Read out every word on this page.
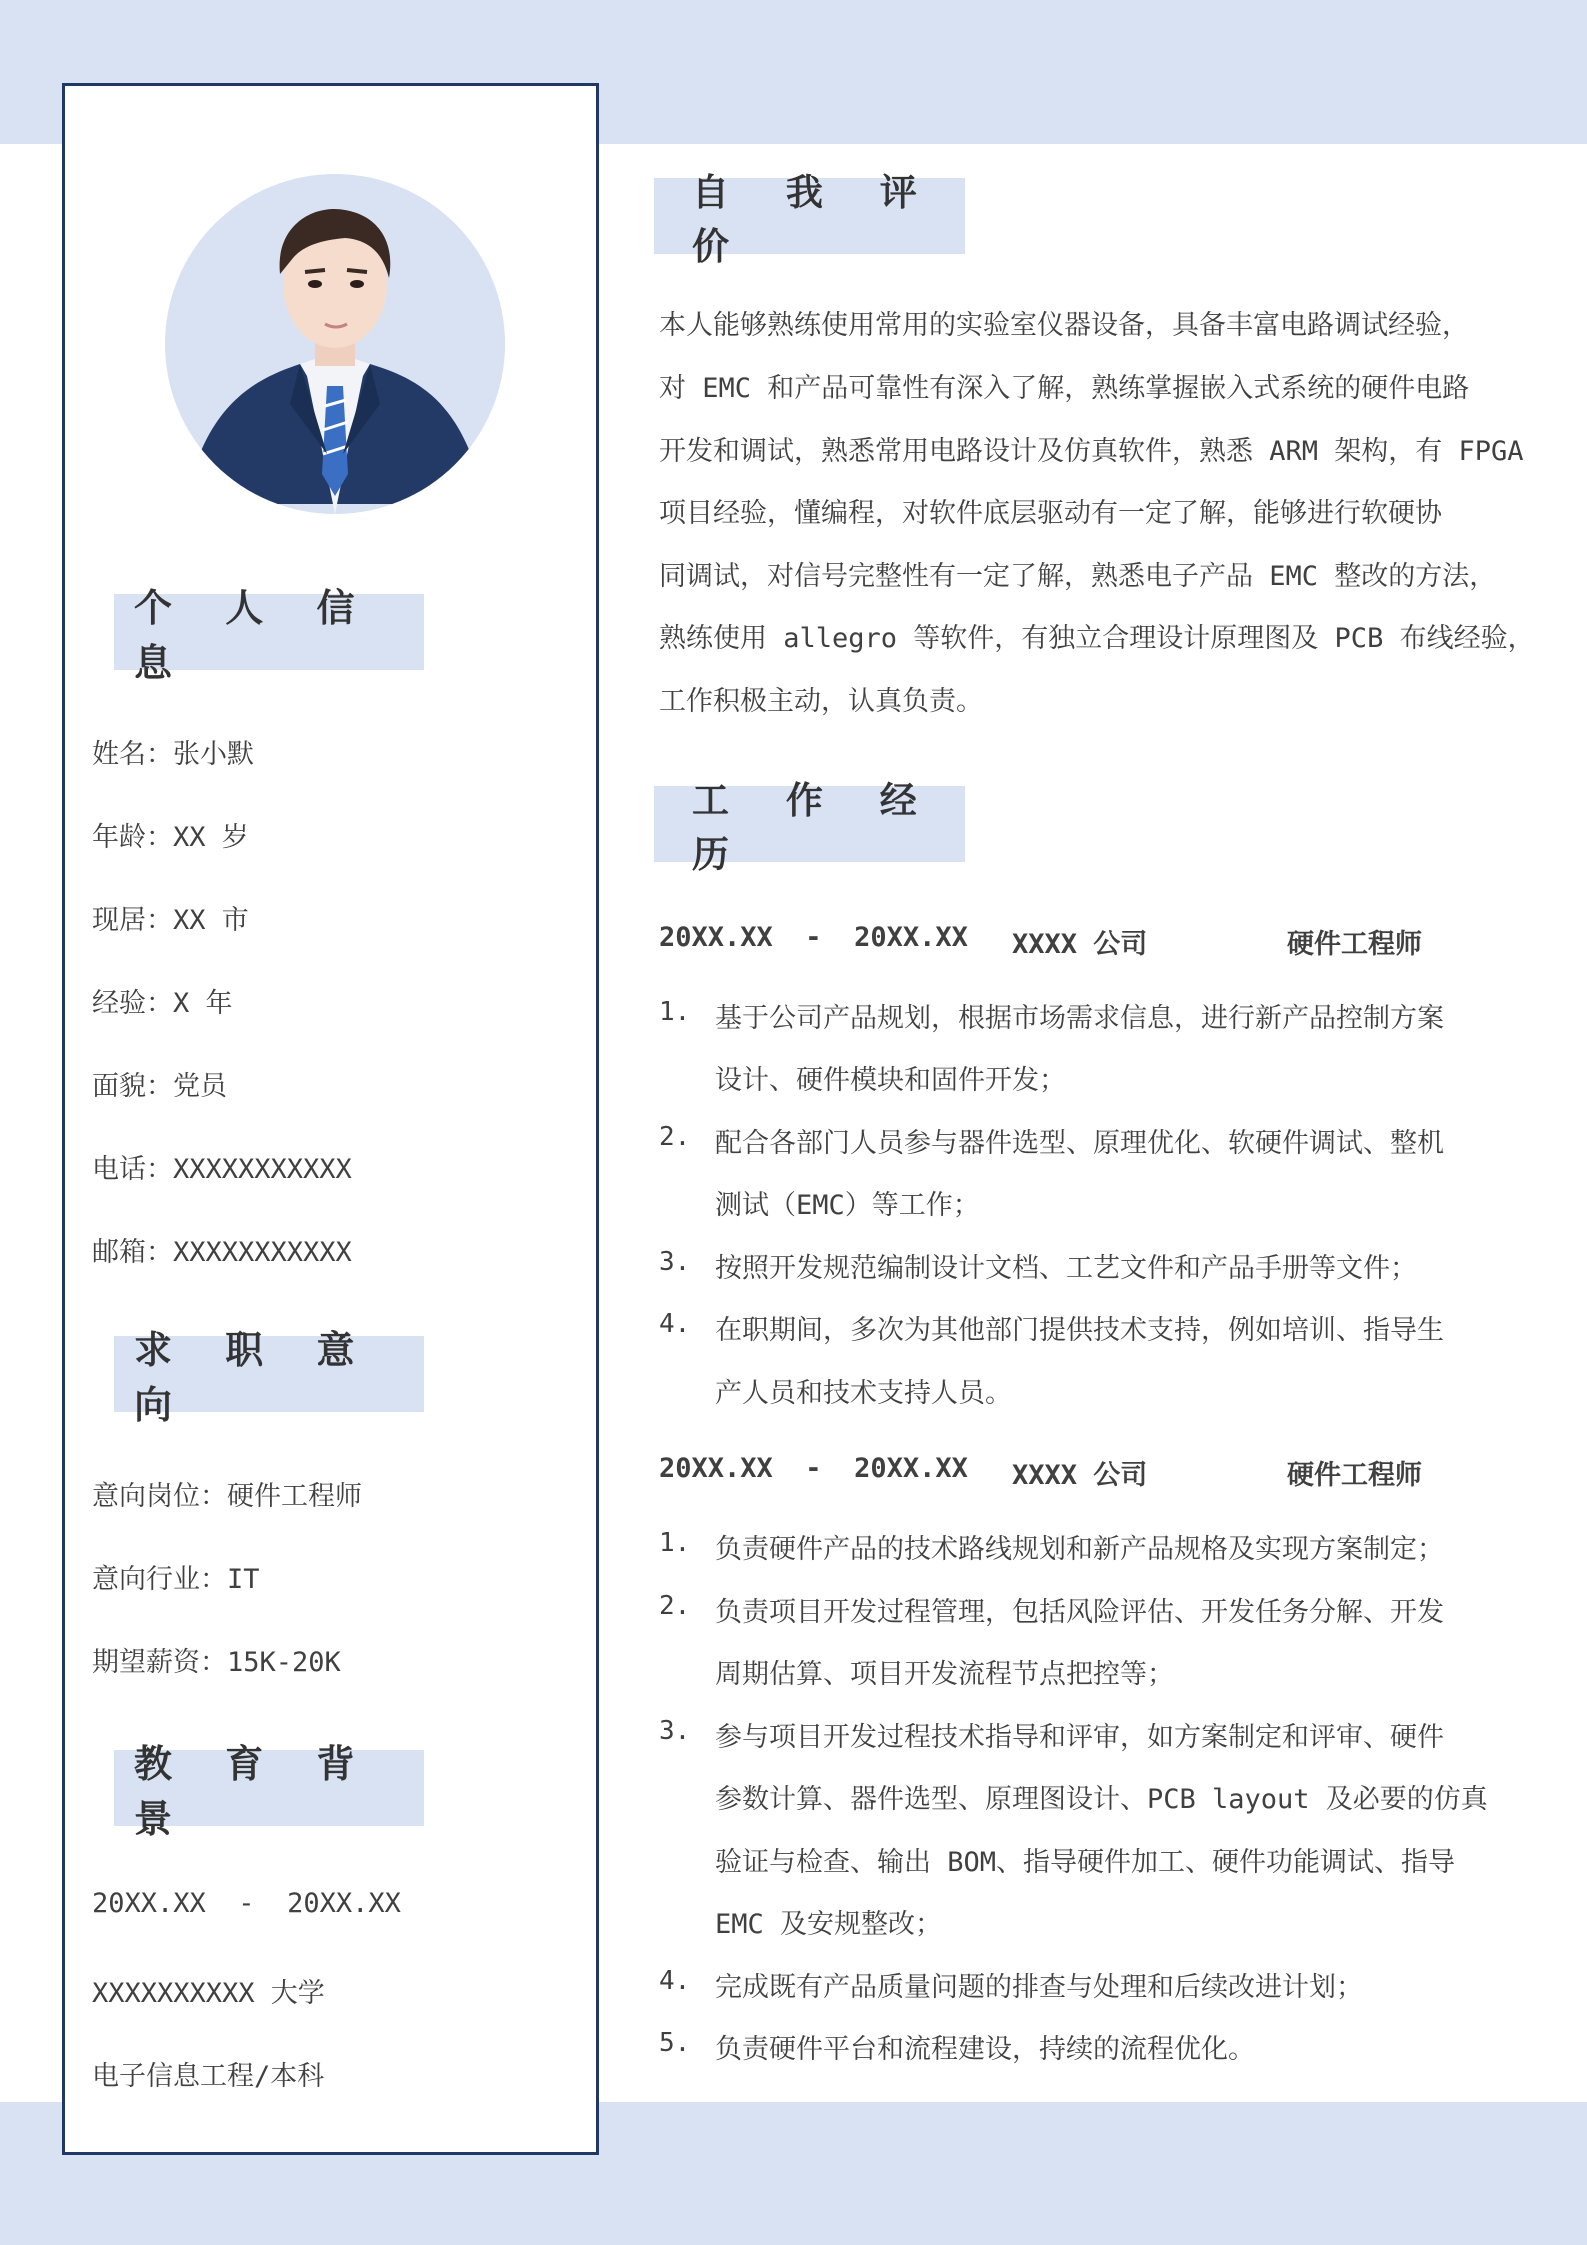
个 人 信 息
姓名：张小默
年龄：XX 岁
现居：XX 市
经验：X 年
面貌：党员
电话：XXXXXXXXXXX
邮箱：XXXXXXXXXXX
求 职 意 向
意向岗位：硬件工程师
意向行业：IT
期望薪资：15K-20K
教 育 背 景
20XX.XX  -  20XX.XX
XXXXXXXXXX 大学
电子信息工程/本科
自 我 评 价
本人能够熟练使用常用的实验室仪器设备，具备丰富电路调试经验，
对 EMC 和产品可靠性有深入了解，熟练掌握嵌入式系统的硬件电路
开发和调试，熟悉常用电路设计及仿真软件，熟悉 ARM 架构，有 FPGA
项目经验，懂编程，对软件底层驱动有一定了解，能够进行软硬协
同调试，对信号完整性有一定了解，熟悉电子产品 EMC 整改的方法，
熟练使用 allegro 等软件，有独立合理设计原理图及 PCB 布线经验，
工作积极主动，认真负责。
工 作 经 历
20XX.XX  -  20XX.XX XXXX 公司	硬件工程师
1. 基于公司产品规划，根据市场需求信息，进行新产品控制方案
设计、硬件模块和固件开发；
2. 配合各部门人员参与器件选型、原理优化、软硬件调试、整机
测试（EMC）等工作；
3. 按照开发规范编制设计文档、工艺文件和产品手册等文件；
4. 在职期间，多次为其他部门提供技术支持，例如培训、指导生
产人员和技术支持人员。
20XX.XX  -  20XX.XX XXXX 公司	硬件工程师
1. 负责硬件产品的技术路线规划和新产品规格及实现方案制定；
2. 负责项目开发过程管理，包括风险评估、开发任务分解、开发
周期估算、项目开发流程节点把控等；
3. 参与项目开发过程技术指导和评审，如方案制定和评审、硬件
参数计算、器件选型、原理图设计、PCB layout 及必要的仿真
验证与检查、输出 BOM、指导硬件加工、硬件功能调试、指导
EMC 及安规整改；
4. 完成既有产品质量问题的排查与处理和后续改进计划；
5. 负责硬件平台和流程建设，持续的流程优化。
